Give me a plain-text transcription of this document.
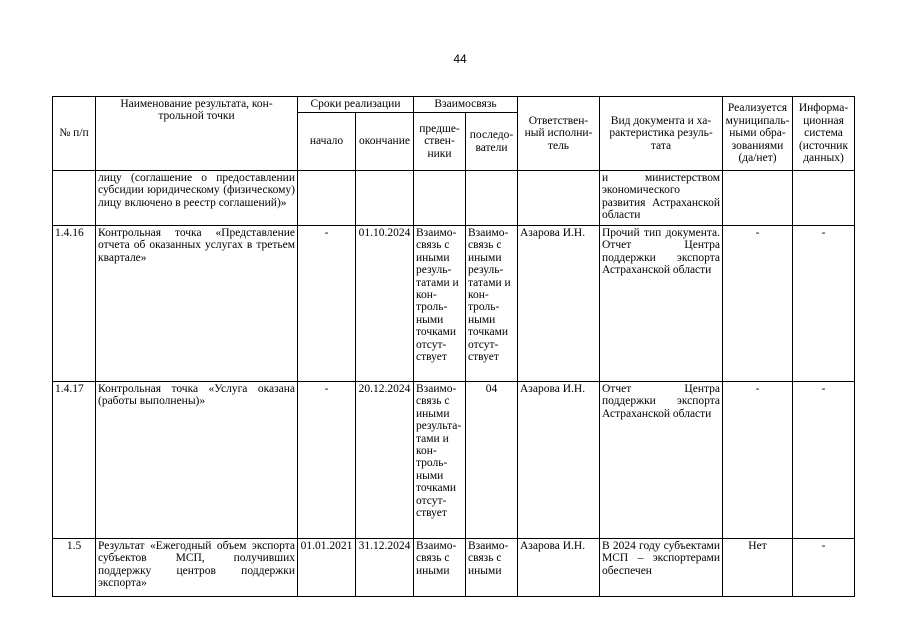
44
№ п/п	Наименование результата, кон-трольной точки	Сроки реализации		Взаимосвязь		Ответствен-ный исполни-тель	Вид документа и ха-рактеристика резуль-тата	Реализуется муниципаль-ными обра-зованиями (да/нет)	Информа-ционная система (источник данных)
		начало	окончание	предше-ствен-ники	последо-ватели				
	лицу (соглашение о предоставлении субсидии юридическому (физическому) лицу включено в реестр соглашений)»						и министерством экономического развития Астраханской области		
1.4.16	Контрольная точка «Представление отчета об оказанных услугах в третьем квартале»	-	01.10.2024	Взаимо-связь с иными резуль-татами и кон-троль-ными точками отсут-ствует	Взаимо-связь с иными резуль-татами и кон-троль-ными точками отсут-ствует	Азарова И.Н.	Прочий тип документа. Отчет Центра поддержки экспорта Астраханской области	-	-
1.4.17	Контрольная точка «Услуга оказана (работы выполнены)»	-	20.12.2024	Взаимо-связь с иными результа-тами и кон-троль-ными точками отсут-ствует	04	Азарова И.Н.	Отчет Центра поддержки экспорта Астраханской области	-	-
1.5	Результат «Ежегодный объем экспорта субъектов МСП, получивших поддержку центров поддержки экспорта»	01.01.2021	31.12.2024	Взаимо-связь с иными	Взаимо-связь с иными	Азарова И.Н.	В 2024 году субъектами МСП – экспортерами обеспечен	Нет	-
